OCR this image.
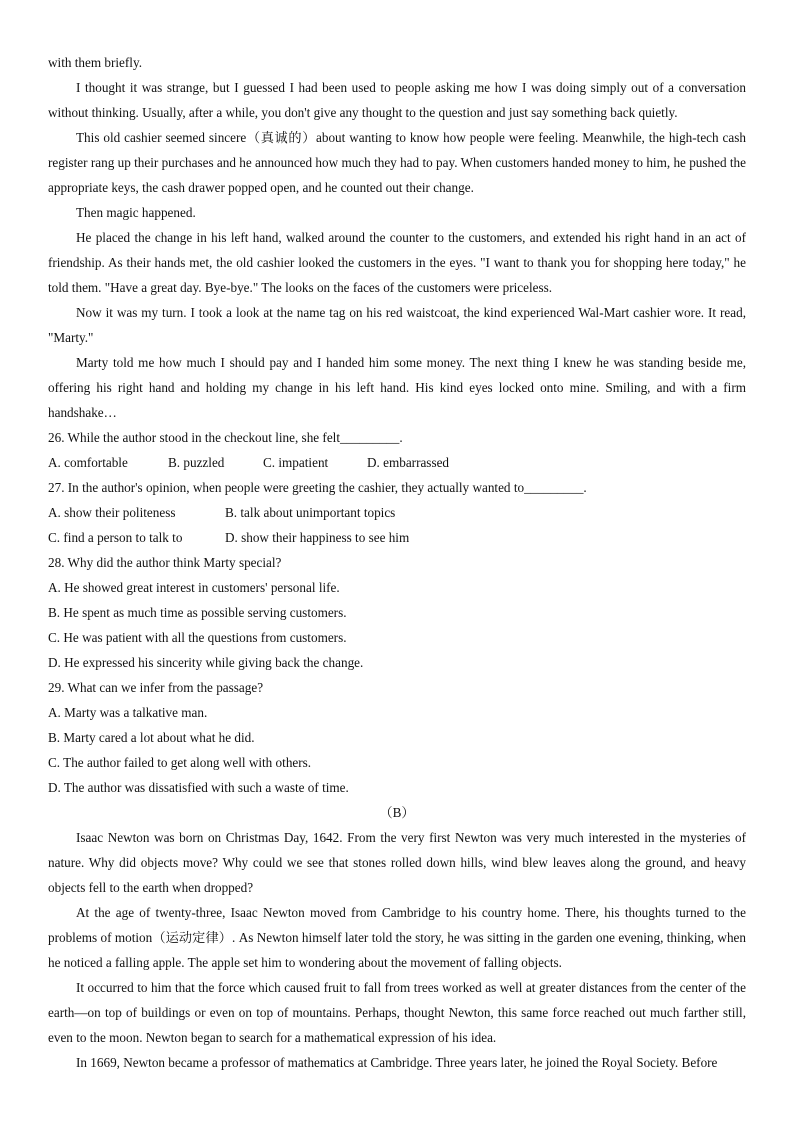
with them briefly.

I thought it was strange, but I guessed I had been used to people asking me how I was doing simply out of a conversation without thinking. Usually, after a while, you don't give any thought to the question and just say something back quietly.

This old cashier seemed sincere（真诚的）about wanting to know how people were feeling. Meanwhile, the high-tech cash register rang up their purchases and he announced how much they had to pay. When customers handed money to him, he pushed the appropriate keys, the cash drawer popped open, and he counted out their change.

Then magic happened.

He placed the change in his left hand, walked around the counter to the customers, and extended his right hand in an act of friendship. As their hands met, the old cashier looked the customers in the eyes. "I want to thank you for shopping here today," he told them. "Have a great day. Bye-bye." The looks on the faces of the customers were priceless.

Now it was my turn. I took a look at the name tag on his red waistcoat, the kind experienced Wal-Mart cashier wore. It read, "Marty."

Marty told me how much I should pay and I handed him some money. The next thing I knew he was standing beside me, offering his right hand and holding my change in his left hand. His kind eyes locked onto mine. Smiling, and with a firm handshake…

26. While the author stood in the checkout line, she felt_________.

A. comfortable	B. puzzled	C. impatient	D. embarrassed

27. In the author's opinion, when people were greeting the cashier, they actually wanted to_________.

A. show their politeness	B. talk about unimportant topics
C. find a person to talk to	D. show their happiness to see him

28. Why did the author think Marty special?

A. He showed great interest in customers' personal life.

B. He spent as much time as possible serving customers.

C. He was patient with all the questions from customers.

D. He expressed his sincerity while giving back the change.

29. What can we infer from the passage?

A. Marty was a talkative man.

B. Marty cared a lot about what he did.

C. The author failed to get along well with others.

D. The author was dissatisfied with such a waste of time.

（B）

Isaac Newton was born on Christmas Day, 1642. From the very first Newton was very much interested in the mysteries of nature. Why did objects move? Why could we see that stones rolled down hills, wind blew leaves along the ground, and heavy objects fell to the earth when dropped?

At the age of twenty-three, Isaac Newton moved from Cambridge to his country home. There, his thoughts turned to the problems of motion（运动定律）. As Newton himself later told the story, he was sitting in the garden one evening, thinking, when he noticed a falling apple. The apple set him to wondering about the movement of falling objects.

It occurred to him that the force which caused fruit to fall from trees worked as well at greater distances from the center of the earth—on top of buildings or even on top of mountains. Perhaps, thought Newton, this same force reached out much farther still, even to the moon. Newton began to search for a mathematical expression of his idea.

In 1669, Newton became a professor of mathematics at Cambridge. Three years later, he joined the Royal Society. Before
